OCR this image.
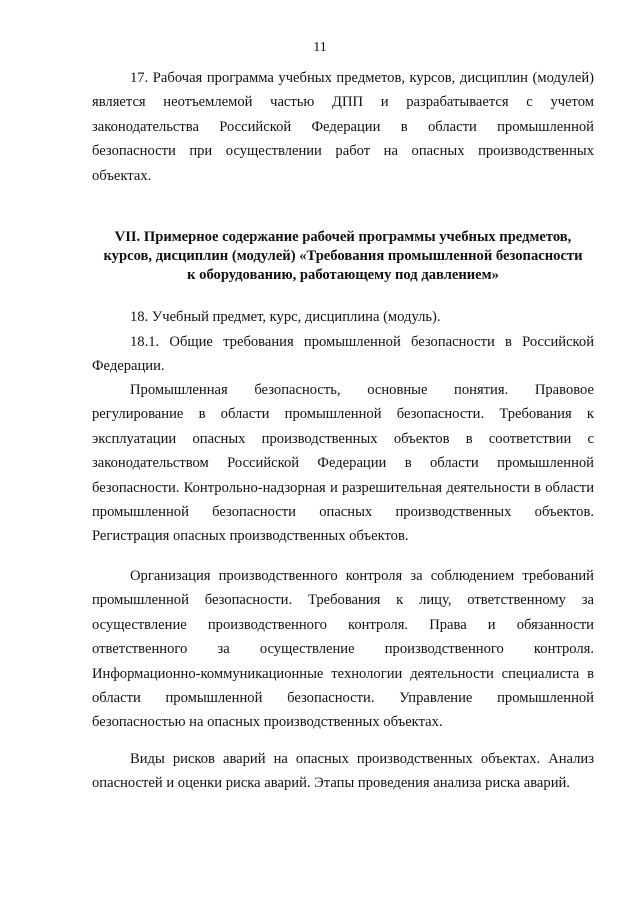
11

17. Рабочая программа учебных предметов, курсов, дисциплин (модулей) является неотъемлемой частью ДПП и разрабатывается с учетом законодательства Российской Федерации в области промышленной безопасности при осуществлении работ на опасных производственных объектах.

VII. Примерное содержание рабочей программы учебных предметов,
курсов, дисциплин (модулей) «Требования промышленной безопасности
к оборудованию, работающему под давлением»

18. Учебный предмет, курс, дисциплина (модуль).

18.1. Общие требования промышленной безопасности в Российской Федерации.

Промышленная безопасность, основные понятия. Правовое регулирование в области промышленной безопасности. Требования к эксплуатации опасных производственных объектов в соответствии с законодательством Российской Федерации в области промышленной безопасности. Контрольно-надзорная и разрешительная деятельности в области промышленной безопасности опасных производственных объектов. Регистрация опасных производственных объектов.

Организация производственного контроля за соблюдением требований промышленной безопасности. Требования к лицу, ответственному за осуществление производственного контроля. Права и обязанности ответственного за осуществление производственного контроля. Информационно-коммуникационные технологии деятельности специалиста в области промышленной безопасности. Управление промышленной безопасностью на опасных производственных объектах.

Виды рисков аварий на опасных производственных объектах. Анализ опасностей и оценки риска аварий. Этапы проведения анализа риска аварий.
